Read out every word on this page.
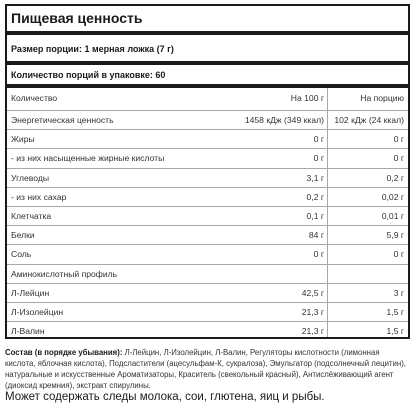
Пищевая ценность
Размер порции: 1 мерная ложка (7 г)
Количество порций в упаковке: 60
Количество	На 100 г	На порцию
Энергетическая ценность	1458 кДж (349 ккал) 102 кДж (24 ккал)
Жиры	0 г	0 г
- из них насыщенные жирные кислоты	0 г	0 г
Углеводы	3,1 г	0,2 г
- из них сахар	0,2 г	0,02 г
Клетчатка	0,1 г	0,01 г
Белки	84 г	5,9 г
Соль	0 г	0 г
Аминокислотный профиль
Л-Лейцин	42,5 г	3 г
Л-Изолейцин	21,3 г	1,5 г
Л-Валин	21,3 г	1,5 г
Состав (в порядке убывания): Л-Лейцин, Л-Изолейцин, Л-Валин, Регуляторы кислотности (лимонная кислота, яблочная кислота), Подсластители (ацесульфам-К, сукралоза), Эмульгатор (подсолнечный лецитин), натуральные и искусственные Ароматизаторы, Краситель (свекольный красный), Антислёживающий агент (диоксид кремния), экстракт спирулины.
Может содержать следы молока, сои, глютена, яиц и рыбы.
